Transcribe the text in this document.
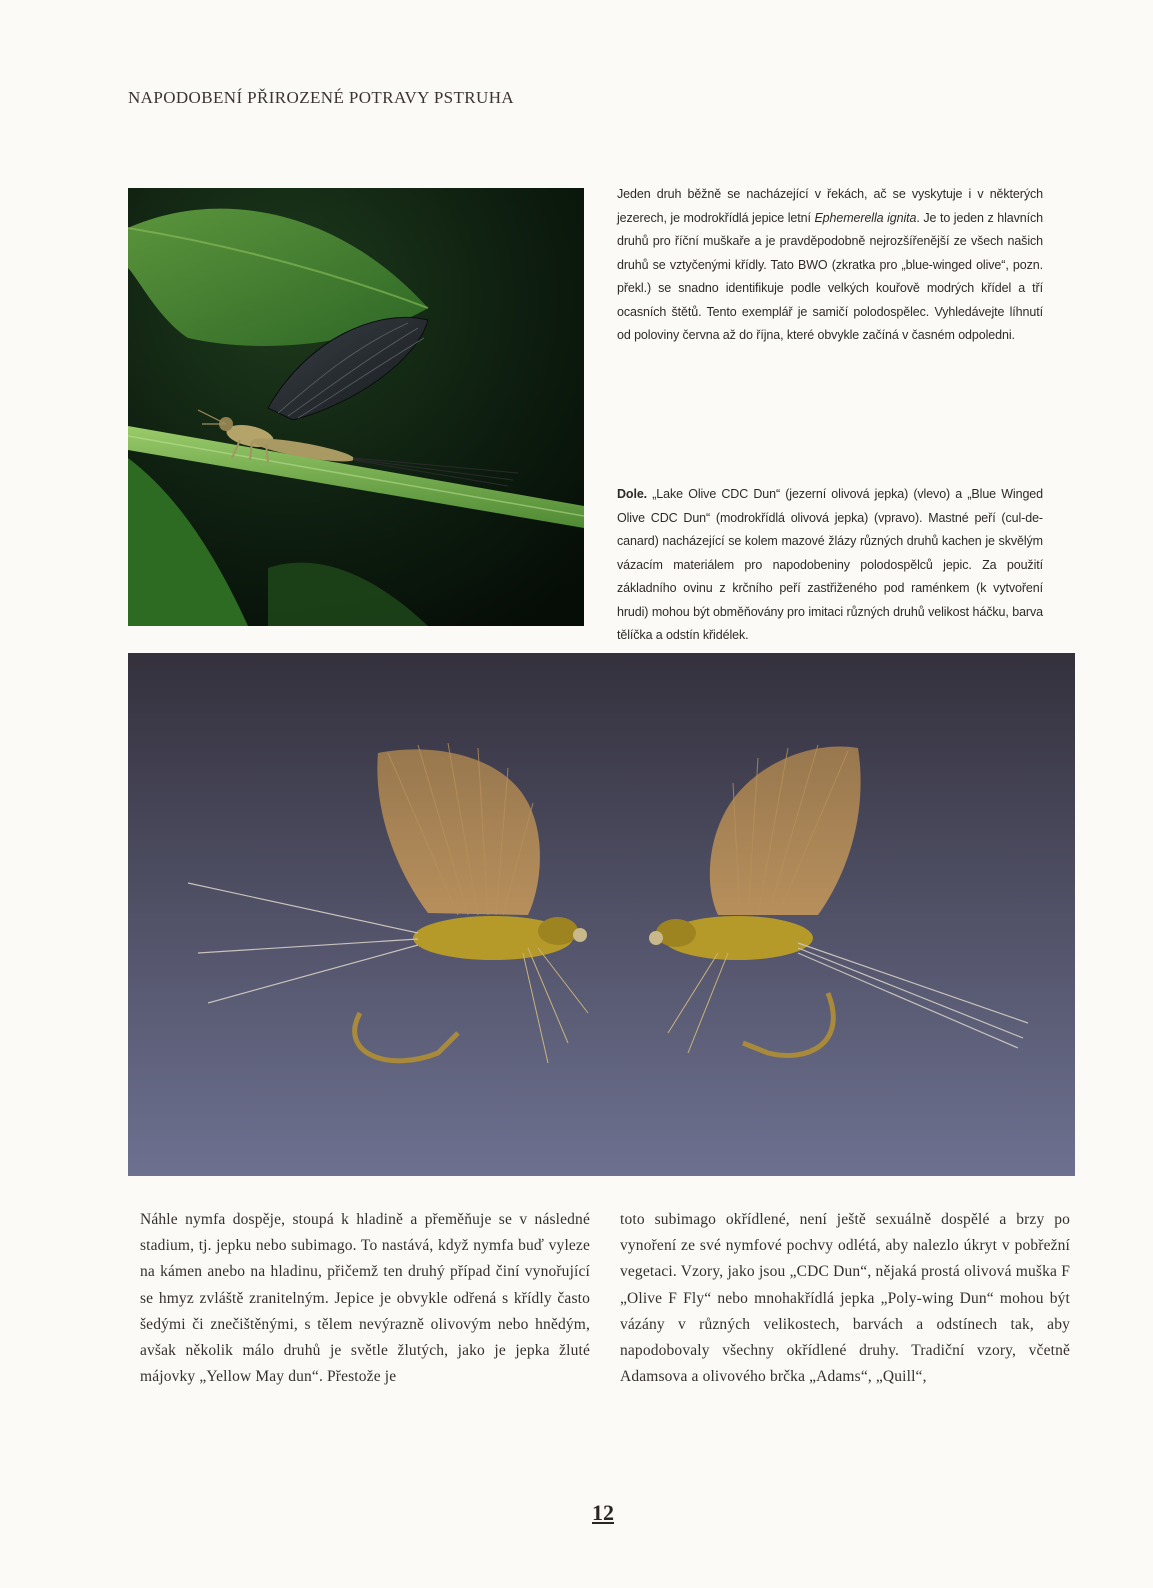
NAPODOBENÍ PŘIROZENÉ POTRAVY PSTRUHA
Jeden druh běžně se nacházející v řekách, ač se vyskytuje i v některých jezerech, je modrokřídlá jepice letní Ephemerella ignita. Je to jeden z hlavních druhů pro říční muškaře a je pravděpodobně nejrozšířenější ze všech našich druhů se vztyčenými křídly. Tato BWO (zkratka pro „blue-winged olive“, pozn. překl.) se snadno identifikuje podle velkých kouřově modrých křídel a tří ocasních štětů. Tento exemplář je samičí polodospělec. Vyhledávejte líhnutí od poloviny června až do října, které obvykle začíná v časném odpoledni.
Dole. „Lake Olive CDC Dun“ (jezerní olivová jepka) (vlevo) a „Blue Winged Olive CDC Dun“ (modrokřídlá olivová jepka) (vpravo). Mastné peří (cul-de-canard) nacházející se kolem mazové žlázy různých druhů kachen je skvělým vázacím materiálem pro napodobeniny polodospělců jepic. Za použití základního ovinu z krčního peří zastřiženého pod raménkem (k vytvoření hrudi) mohou být obměňovány pro imitaci různých druhů velikost háčku, barva tělíčka a odstín křidélek.
Náhle nymfa dospěje, stoupá k hladině a přeměňuje se v následné stadium, tj. jepku nebo subimago. To nastává, když nymfa buď vyleze na kámen anebo na hladinu, přičemž ten druhý případ činí vynořující se hmyz zvláště zranitelným. Jepice je obvykle odřená s křídly často šedými či znečištěnými, s tělem nevýrazně olivovým nebo hnědým, avšak několik málo druhů je světle žlutých, jako je jepka žluté májovky „Yellow May dun“. Přestože je
toto subimago okřídlené, není ještě sexuálně dospělé a brzy po vynoření ze své nymfové pochvy odlétá, aby nalezlo úkryt v pobřežní vegetaci. Vzory, jako jsou „CDC Dun“, nějaká prostá olivová muška F „Olive F Fly“ nebo mnohakřídlá jepka „Poly-wing Dun“ mohou být vázány v různých velikostech, barvách a odstínech tak, aby napodobovaly všechny okřídlené druhy. Tradiční vzory, včetně Adamsova a olivového brčka „Adams“, „Quill“,
12
